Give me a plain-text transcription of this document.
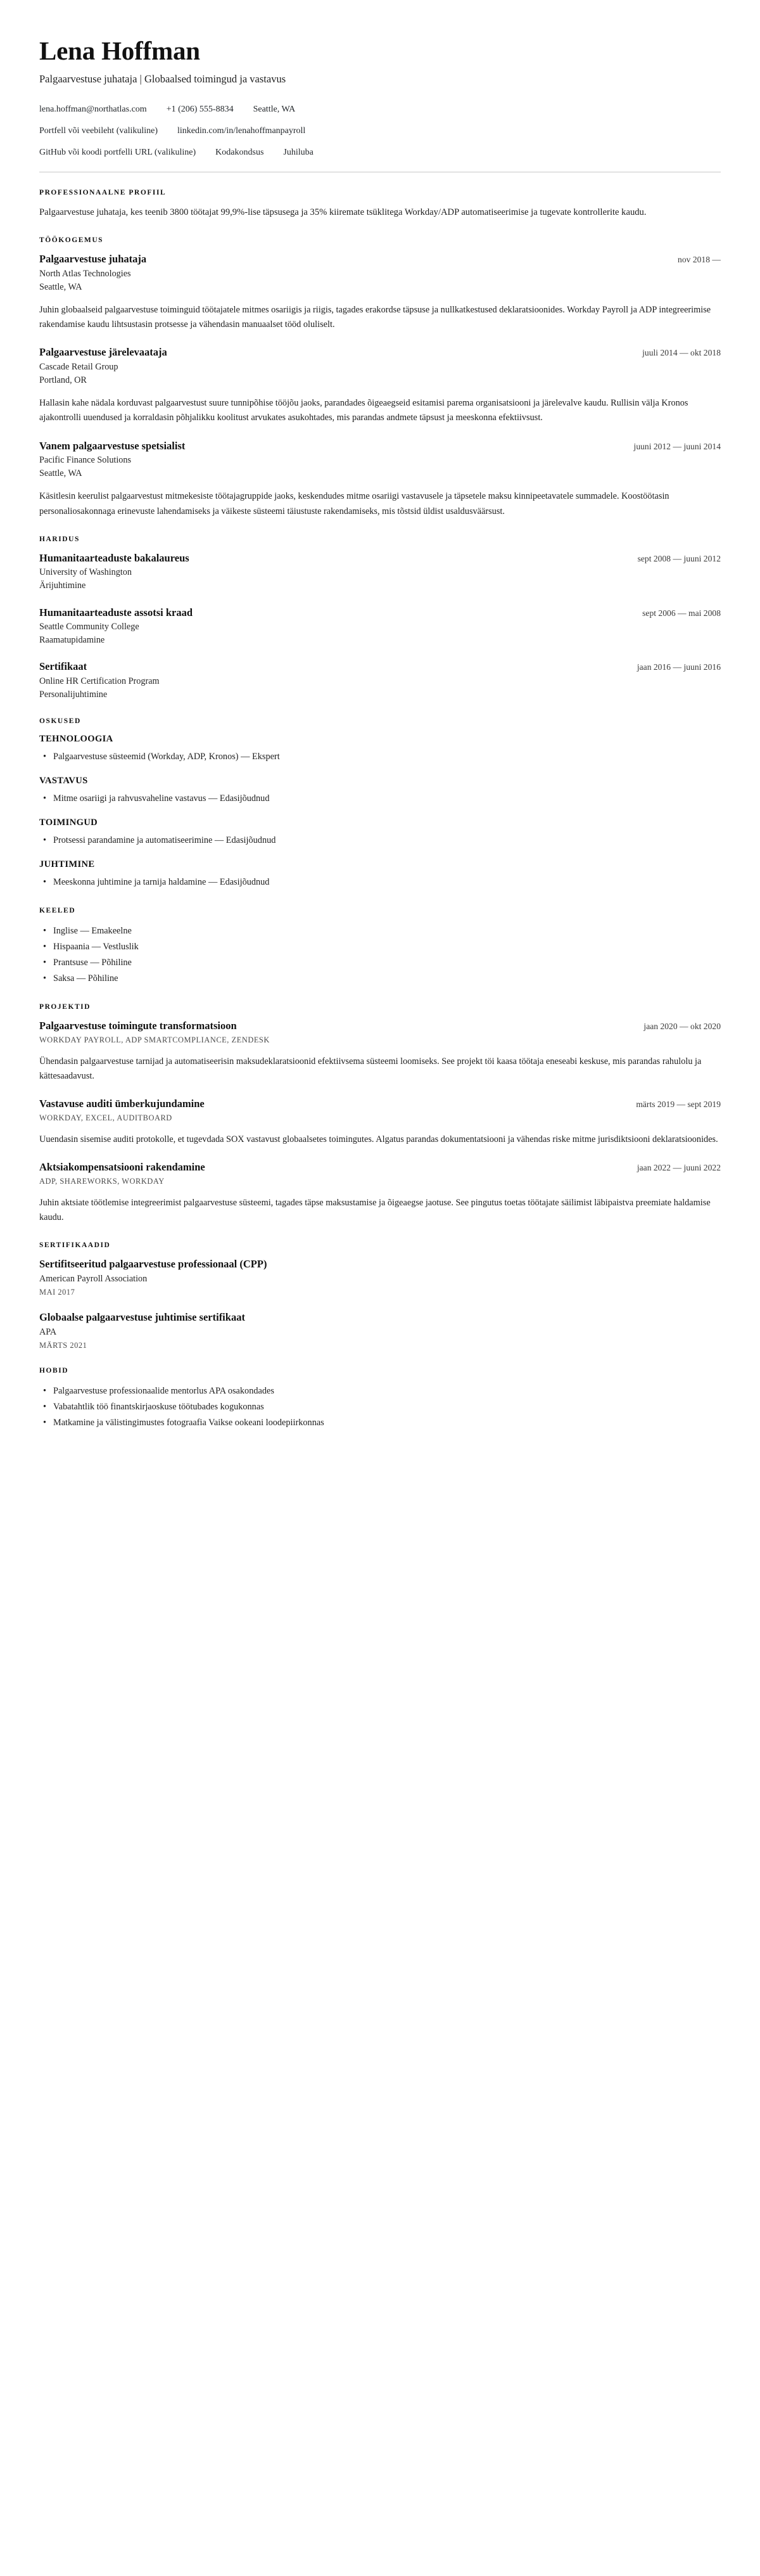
Lena Hoffman
Palgaarvestuse juhataja | Globaalsed toimingud ja vastavus
lena.hoffman@northatlas.com +1 (206) 555-8834 Seattle, WA
Portfell või veebileht (valikuline) linkedin.com/in/lenahoffmanpayroll
GitHub või koodi portfelli URL (valikuline) Kodakondsus Juhiluba
PROFESSIONAALNE PROFIIL

Palgaarvestuse juhataja, kes teenib 3800 töötajat 99,9%-lise täpsusega ja 35% kiiremate tsüklitega Workday/ADP automatiseerimise ja tugevate kontrollerite kaudu.

TÖÖKOGEMUS
Palgaarvestuse juhataja	nov 2018 —
North Atlas Technologies
Seattle, WA
Juhin globaalseid palgaarvestuse toiminguid töötajatele mitmes osariigis ja riigis, tagades erakordse täpsuse ja nullkatkestused deklaratsioonides. Workday Payroll ja ADP integreerimise rakendamise kaudu lihtsustasin protsesse ja vähendasin manuaalset tööd oluliselt.
Palgaarvestuse järelevaataja	juuli 2014 — okt 2018
Cascade Retail Group
Portland, OR
Hallasin kahe nädala korduvast palgaarvestust suure tunnipõhise tööjõu jaoks, parandades õigeaegseid esitamisi parema organisatsiooni ja järelevalve kaudu. Rullisin välja Kronos ajakontrolli uuendused ja korraldasin põhjalikku koolitust arvukates asukohtades, mis parandas andmete täpsust ja meeskonna efektiivsust.
Vanem palgaarvestuse spetsialist	juuni 2012 — juuni 2014
Pacific Finance Solutions
Seattle, WA
Käsitlesin keerulist palgaarvestust mitmekesiste töötajagruppide jaoks, keskendudes mitme osariigi vastavusele ja täpsetele maksu kinnipeetavatele summadele. Koostöötasin personaliosakonnaga erinevuste lahendamiseks ja väikeste süsteemi täiustuste rakendamiseks, mis tõstsid üldist usaldusväärsust.
HARIDUS
Humanitaarteaduste bakalaureus	sept 2008 — juuni 2012
University of Washington
Ärijuhtimine
Humanitaarteaduste assotsi kraad	sept 2006 — mai 2008
Seattle Community College
Raamatupidamine
Sertifikaat	jaan 2016 — juuni 2016
Online HR Certification Program
Personalijuhtimine
OSKUSED
TEHNOLOOGIA
• Palgaarvestuse süsteemid (Workday, ADP, Kronos) — Ekspert
VASTAVUS
• Mitme osariigi ja rahvusvaheline vastavus — Edasijõudnud
TOIMINGUD
• Protsessi parandamine ja automatiseerimine — Edasijõudnud
JUHTIMINE
• Meeskonna juhtimine ja tarnija haldamine — Edasijõudnud
KEELED
• Inglise — Emakeelne
• Hispaania — Vestluslik
• Prantsuse — Põhiline
• Saksa — Põhiline
PROJEKTID
Palgaarvestuse toimingute transformatsioon	jaan 2020 — okt 2020
WORKDAY PAYROLL, ADP SMARTCOMPLIANCE, ZENDESK
Ühendasin palgaarvestuse tarnijad ja automatiseerisin maksudeklaratsioonid efektiivsema süsteemi loomiseks. See projekt töi kaasa töötaja eneseabi keskuse, mis parandas rahulolu ja kättesaadavust.
Vastavuse auditi ümberkujundamine	märts 2019 — sept 2019
WORKDAY, EXCEL, AUDITBOARD
Uuendasin sisemise auditi protokolle, et tugevdada SOX vastavust globaalsetes toimingutes. Algatus parandas dokumentatsiooni ja vähendas riske mitme jurisdiktsiooni deklaratsioonides.
Aktsiakompensatsiooni rakendamine	jaan 2022 — juuni 2022
ADP, SHAREWORKS, WORKDAY
Juhin aktsiate töötlemise integreerimist palgaarvestuse süsteemi, tagades täpse maksustamise ja õigeaegse jaotuse. See pingutus toetas töötajate säilimist läbipaistva preemiate haldamise kaudu.
SERTIFIKAADID
Sertifitseeritud palgaarvestuse professionaal (CPP)
American Payroll Association
MAI 2017
Globaalse palgaarvestuse juhtimise sertifikaat
APA
MÄRTS 2021
HOBID
• Palgaarvestuse professionaalide mentorlus APA osakondades
• Vabatahtlik töö finantskirjaoskuse töötubades kogukonnas
• Matkamine ja välistingimustes fotograafia Vaikse ookeani loodepiirkonnas
